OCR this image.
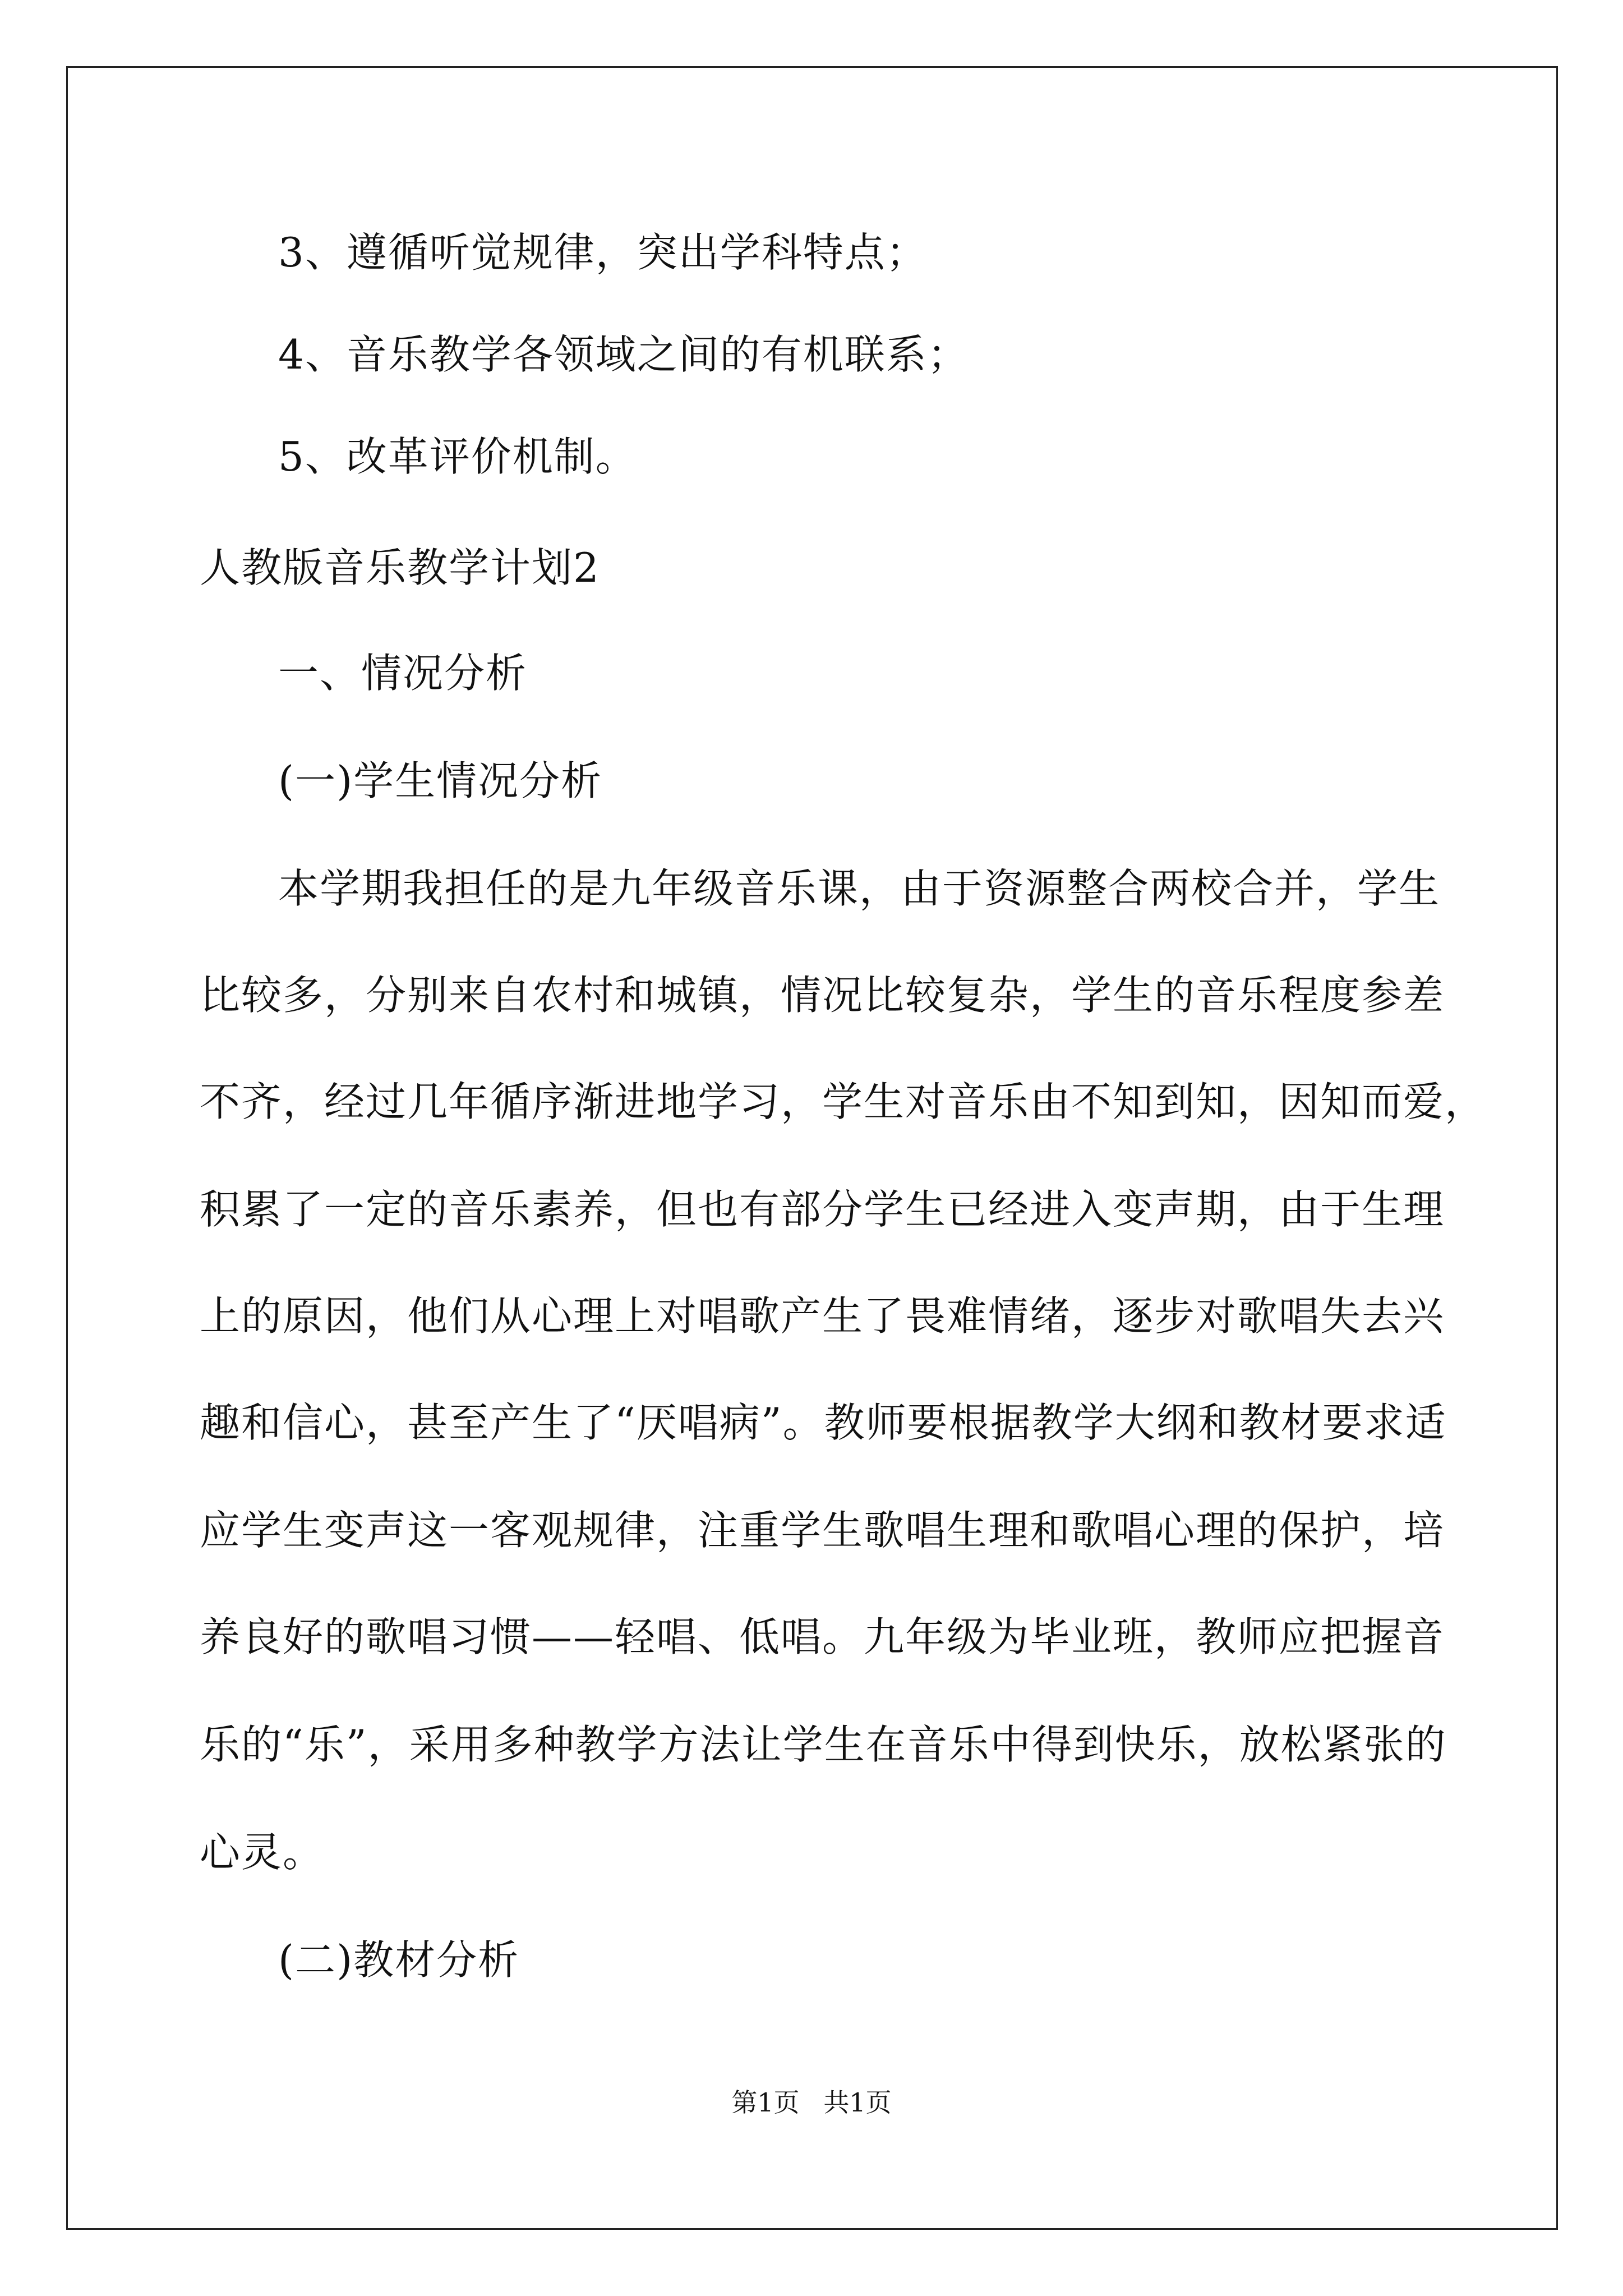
3、遵循听觉规律，突出学科特点；
4、音乐教学各领域之间的有机联系；
5、改革评价机制。
人教版音乐教学计划2
一、情况分析
(一)学生情况分析
本学期我担任的是九年级音乐课，由于资源整合两校合并，学生
比较多，分别来自农村和城镇，情况比较复杂，学生的音乐程度参差
不齐，经过几年循序渐进地学习，学生对音乐由不知到知，因知而爱，
积累了一定的音乐素养，但也有部分学生已经进入变声期，由于生理
上的原因，他们从心理上对唱歌产生了畏难情绪，逐步对歌唱失去兴
趣和信心，甚至产生了“厌唱病”。教师要根据教学大纲和教材要求适
应学生变声这一客观规律，注重学生歌唱生理和歌唱心理的保护，培
养良好的歌唱习惯——轻唱、低唱。九年级为毕业班，教师应把握音
乐的“乐”，采用多种教学方法让学生在音乐中得到快乐，放松紧张的
心灵。
(二)教材分析
第1页 共1页
